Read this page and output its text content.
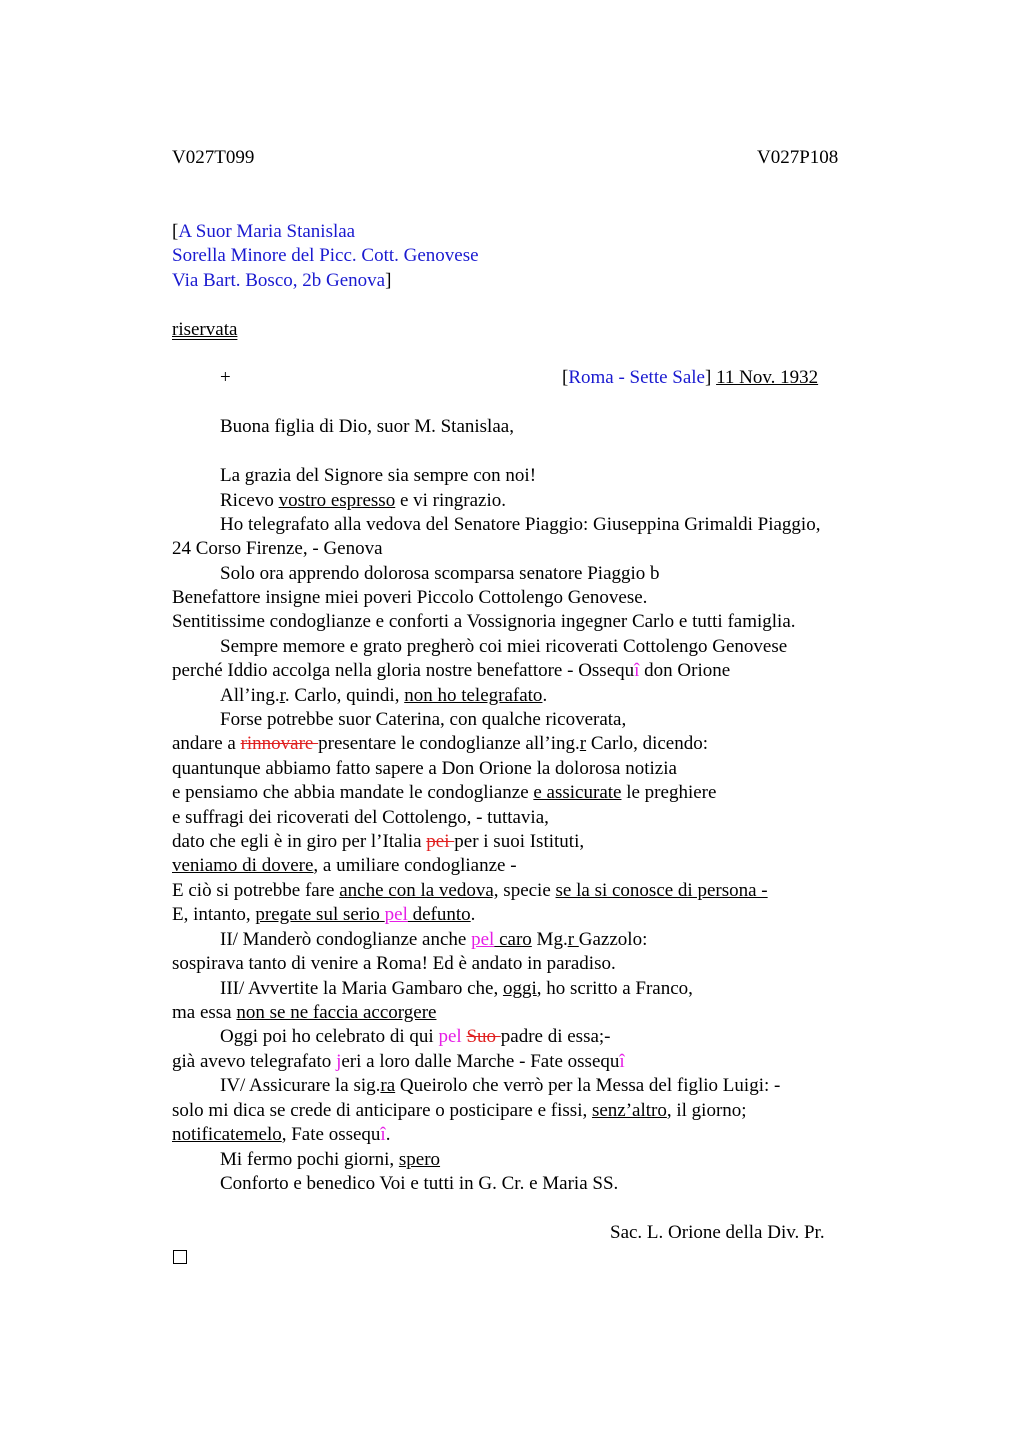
V027T099	V027P108
[A Suor Maria Stanislaa
Sorella Minore del Picc. Cott. Genovese
Via Bart. Bosco, 2b Genova]
riservata
+	[Roma - Sette Sale] 11 Nov. 1932
Buona figlia di Dio, suor M. Stanislaa,
La grazia del Signore sia sempre con noi!
Ricevo vostro espresso e vi ringrazio.
Ho telegrafato alla vedova del Senatore Piaggio: Giuseppina Grimaldi Piaggio,
24 Corso Firenze, - Genova
Solo ora apprendo dolorosa scomparsa senatore Piaggio b
Benefattore insigne miei poveri Piccolo Cottolengo Genovese.
Sentitissime condoglianze e conforti a Vossignoria ingegner Carlo e tutti famiglia.
Sempre memore e grato pregherò coi miei ricoverati Cottolengo Genovese
perché Iddio accolga nella gloria nostre benefattore - Ossequî don Orione
All’ing.r. Carlo, quindi, non ho telegrafato.
Forse potrebbe suor Caterina, con qualche ricoverata,
andare a rinnovare presentare le condoglianze all’ing.r Carlo, dicendo:
quantunque abbiamo fatto sapere a Don Orione la dolorosa notizia
e pensiamo che abbia mandate le condoglianze e assicurate le preghiere
e suffragi dei ricoverati del Cottolengo, - tuttavia,
dato che egli è in giro per l’Italia pei per i suoi Istituti,
veniamo di dovere, a umiliare condoglianze -
E ciò si potrebbe fare anche con la vedova, specie se la si conosce di persona -
E, intanto, pregate sul serio pel defunto.
II/ Manderò condoglianze anche pel caro Mg.r Gazzolo:
sospirava tanto di venire a Roma! Ed è andato in paradiso.
III/ Avvertite la Maria Gambaro che, oggi, ho scritto a Franco,
ma essa non se ne faccia accorgere
Oggi poi ho celebrato di qui pel Suo padre di essa;-
già avevo telegrafato jeri a loro dalle Marche - Fate ossequî
IV/ Assicurare la sig.ra Queirolo che verrò per la Messa del figlio Luigi: -
solo mi dica se crede di anticipare o posticipare e fissi, senz’altro, il giorno;
notificatemelo, Fate ossequî.
Mi fermo pochi giorni, spero
Conforto e benedico Voi e tutti in G. Cr. e Maria SS.
Sac. L. Orione della Div. Pr.
